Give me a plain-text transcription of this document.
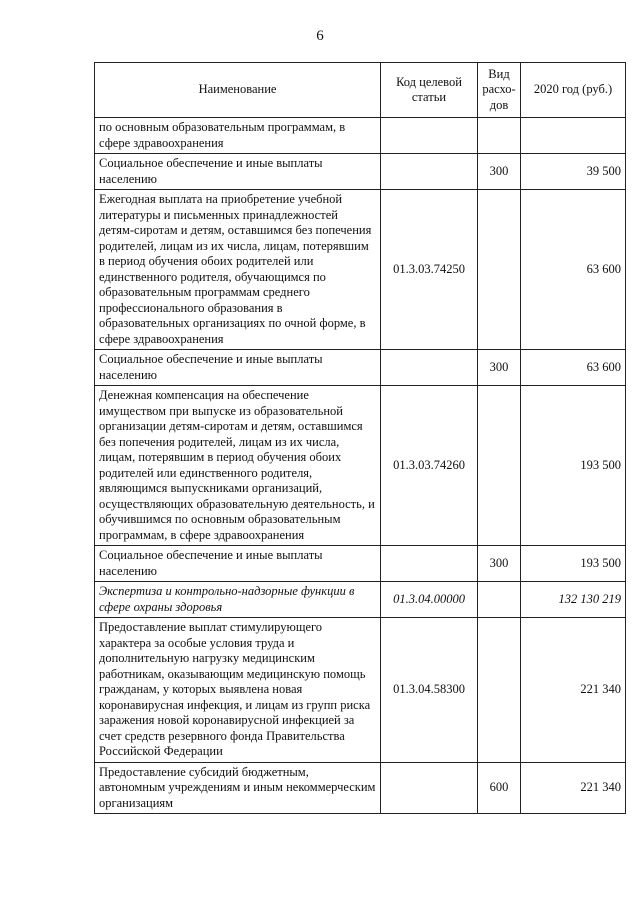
6
Наименование	Код целевой статьи	Вид расхо-дов	2020 год (руб.)
по основным образовательным программам, в сфере здравоохранения			
Социальное обеспечение и иные выплаты населению		300	39 500
Ежегодная выплата на приобретение учебной литературы и письменных принадлежностей детям-сиротам и детям, оставшимся без попечения родителей, лицам из их числа, лицам, потерявшим в период обучения обоих родителей или единственного родителя, обучающимся по образовательным программам среднего профессионального образования в образовательных организациях по очной форме, в сфере здравоохранения	01.3.03.74250		63 600
Социальное обеспечение и иные выплаты населению		300	63 600
Денежная компенсация на обеспечение имуществом при выпуске из образовательной организации детям-сиротам и детям, оставшимся без попечения родителей, лицам из их числа, лицам, потерявшим в период обучения обоих родителей или единственного родителя, являющимся выпускниками организаций, осуществляющих образовательную деятельность, и обучившимся по основным образовательным программам, в сфере здравоохранения	01.3.03.74260		193 500
Социальное обеспечение и иные выплаты населению		300	193 500
Экспертиза и контрольно-надзорные функции в сфере охраны здоровья	01.3.04.00000		132 130 219
Предоставление выплат стимулирующего характера за особые условия труда и дополнительную нагрузку медицинским работникам, оказывающим медицинскую помощь гражданам, у которых выявлена новая коронавирусная инфекция, и лицам из групп риска заражения новой коронавирусной инфекцией за счет средств резервного фонда Правительства Российской Федерации	01.3.04.58300		221 340
Предоставление субсидий бюджетным, автономным учреждениям и иным некоммерческим организациям		600	221 340
